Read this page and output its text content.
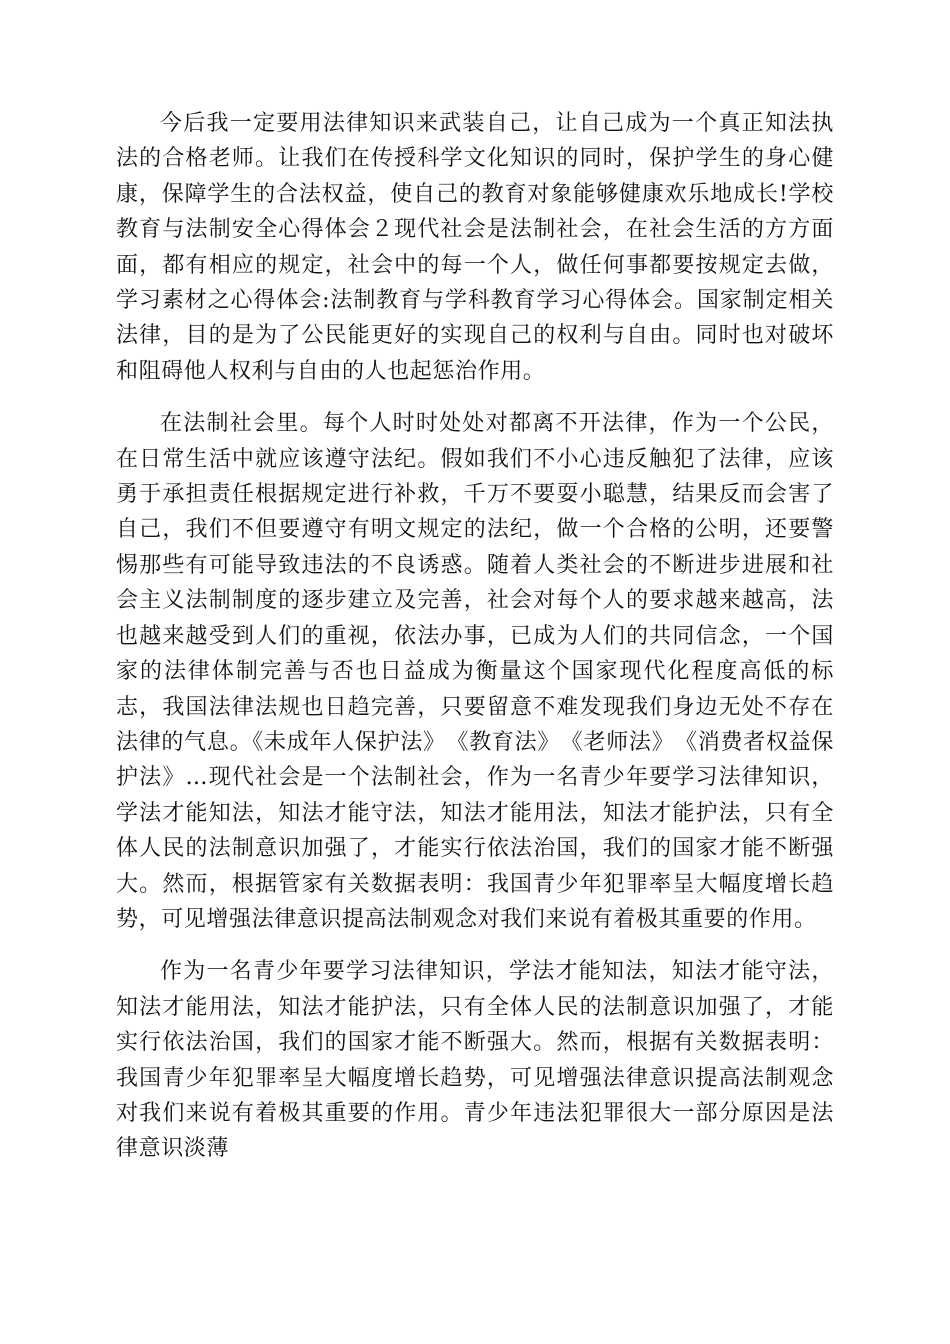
今后我一定要用法律知识来武装自己，让自己成为一个真正知法执法的合格老师。让我们在传授科学文化知识的同时，保护学生的身心健康，保障学生的合法权益，使自己的教育对象能够健康欢乐地成长!学校教育与法制安全心得体会２现代社会是法制社会，在社会生活的方方面面，都有相应的规定，社会中的每一个人，做任何事都要按规定去做，学习素材之心得体会:法制教育与学科教育学习心得体会。国家制定相关法律，目的是为了公民能更好的实现自己的权利与自由。同时也对破坏和阻碍他人权利与自由的人也起惩治作用。

在法制社会里。每个人时时处处对都离不开法律，作为一个公民，在日常生活中就应该遵守法纪。假如我们不小心违反触犯了法律，应该勇于承担责任根据规定进行补救，千万不要耍小聪慧，结果反而会害了自己，我们不但要遵守有明文规定的法纪，做一个合格的公明，还要警惕那些有可能导致违法的不良诱惑。随着人类社会的不断进步进展和社会主义法制制度的逐步建立及完善，社会对每个人的要求越来越高，法也越来越受到人们的重视，依法办事，已成为人们的共同信念，一个国家的法律体制完善与否也日益成为衡量这个国家现代化程度高低的标志，我国法律法规也日趋完善，只要留意不难发现我们身边无处不存在法律的气息。《未成年人保护法》　《教育法》　《老师法》　《消费者权益保护法》…现代社会是一个法制社会，作为一名青少年要学习法律知识，学法才能知法，知法才能守法，知法才能用法，知法才能护法，只有全体人民的法制意识加强了，才能实行依法治国，我们的国家才能不断强大。然而，根据管家有关数据表明：我国青少年犯罪率呈大幅度增长趋势，可见增强法律意识提高法制观念对我们来说有着极其重要的作用。

作为一名青少年要学习法律知识，学法才能知法，知法才能守法，知法才能用法，知法才能护法，只有全体人民的法制意识加强了，才能实行依法治国，我们的国家才能不断强大。然而，根据有关数据表明：我国青少年犯罪率呈大幅度增长趋势，可见增强法律意识提高法制观念对我们来说有着极其重要的作用。青少年违法犯罪很大一部分原因是法律意识淡薄
